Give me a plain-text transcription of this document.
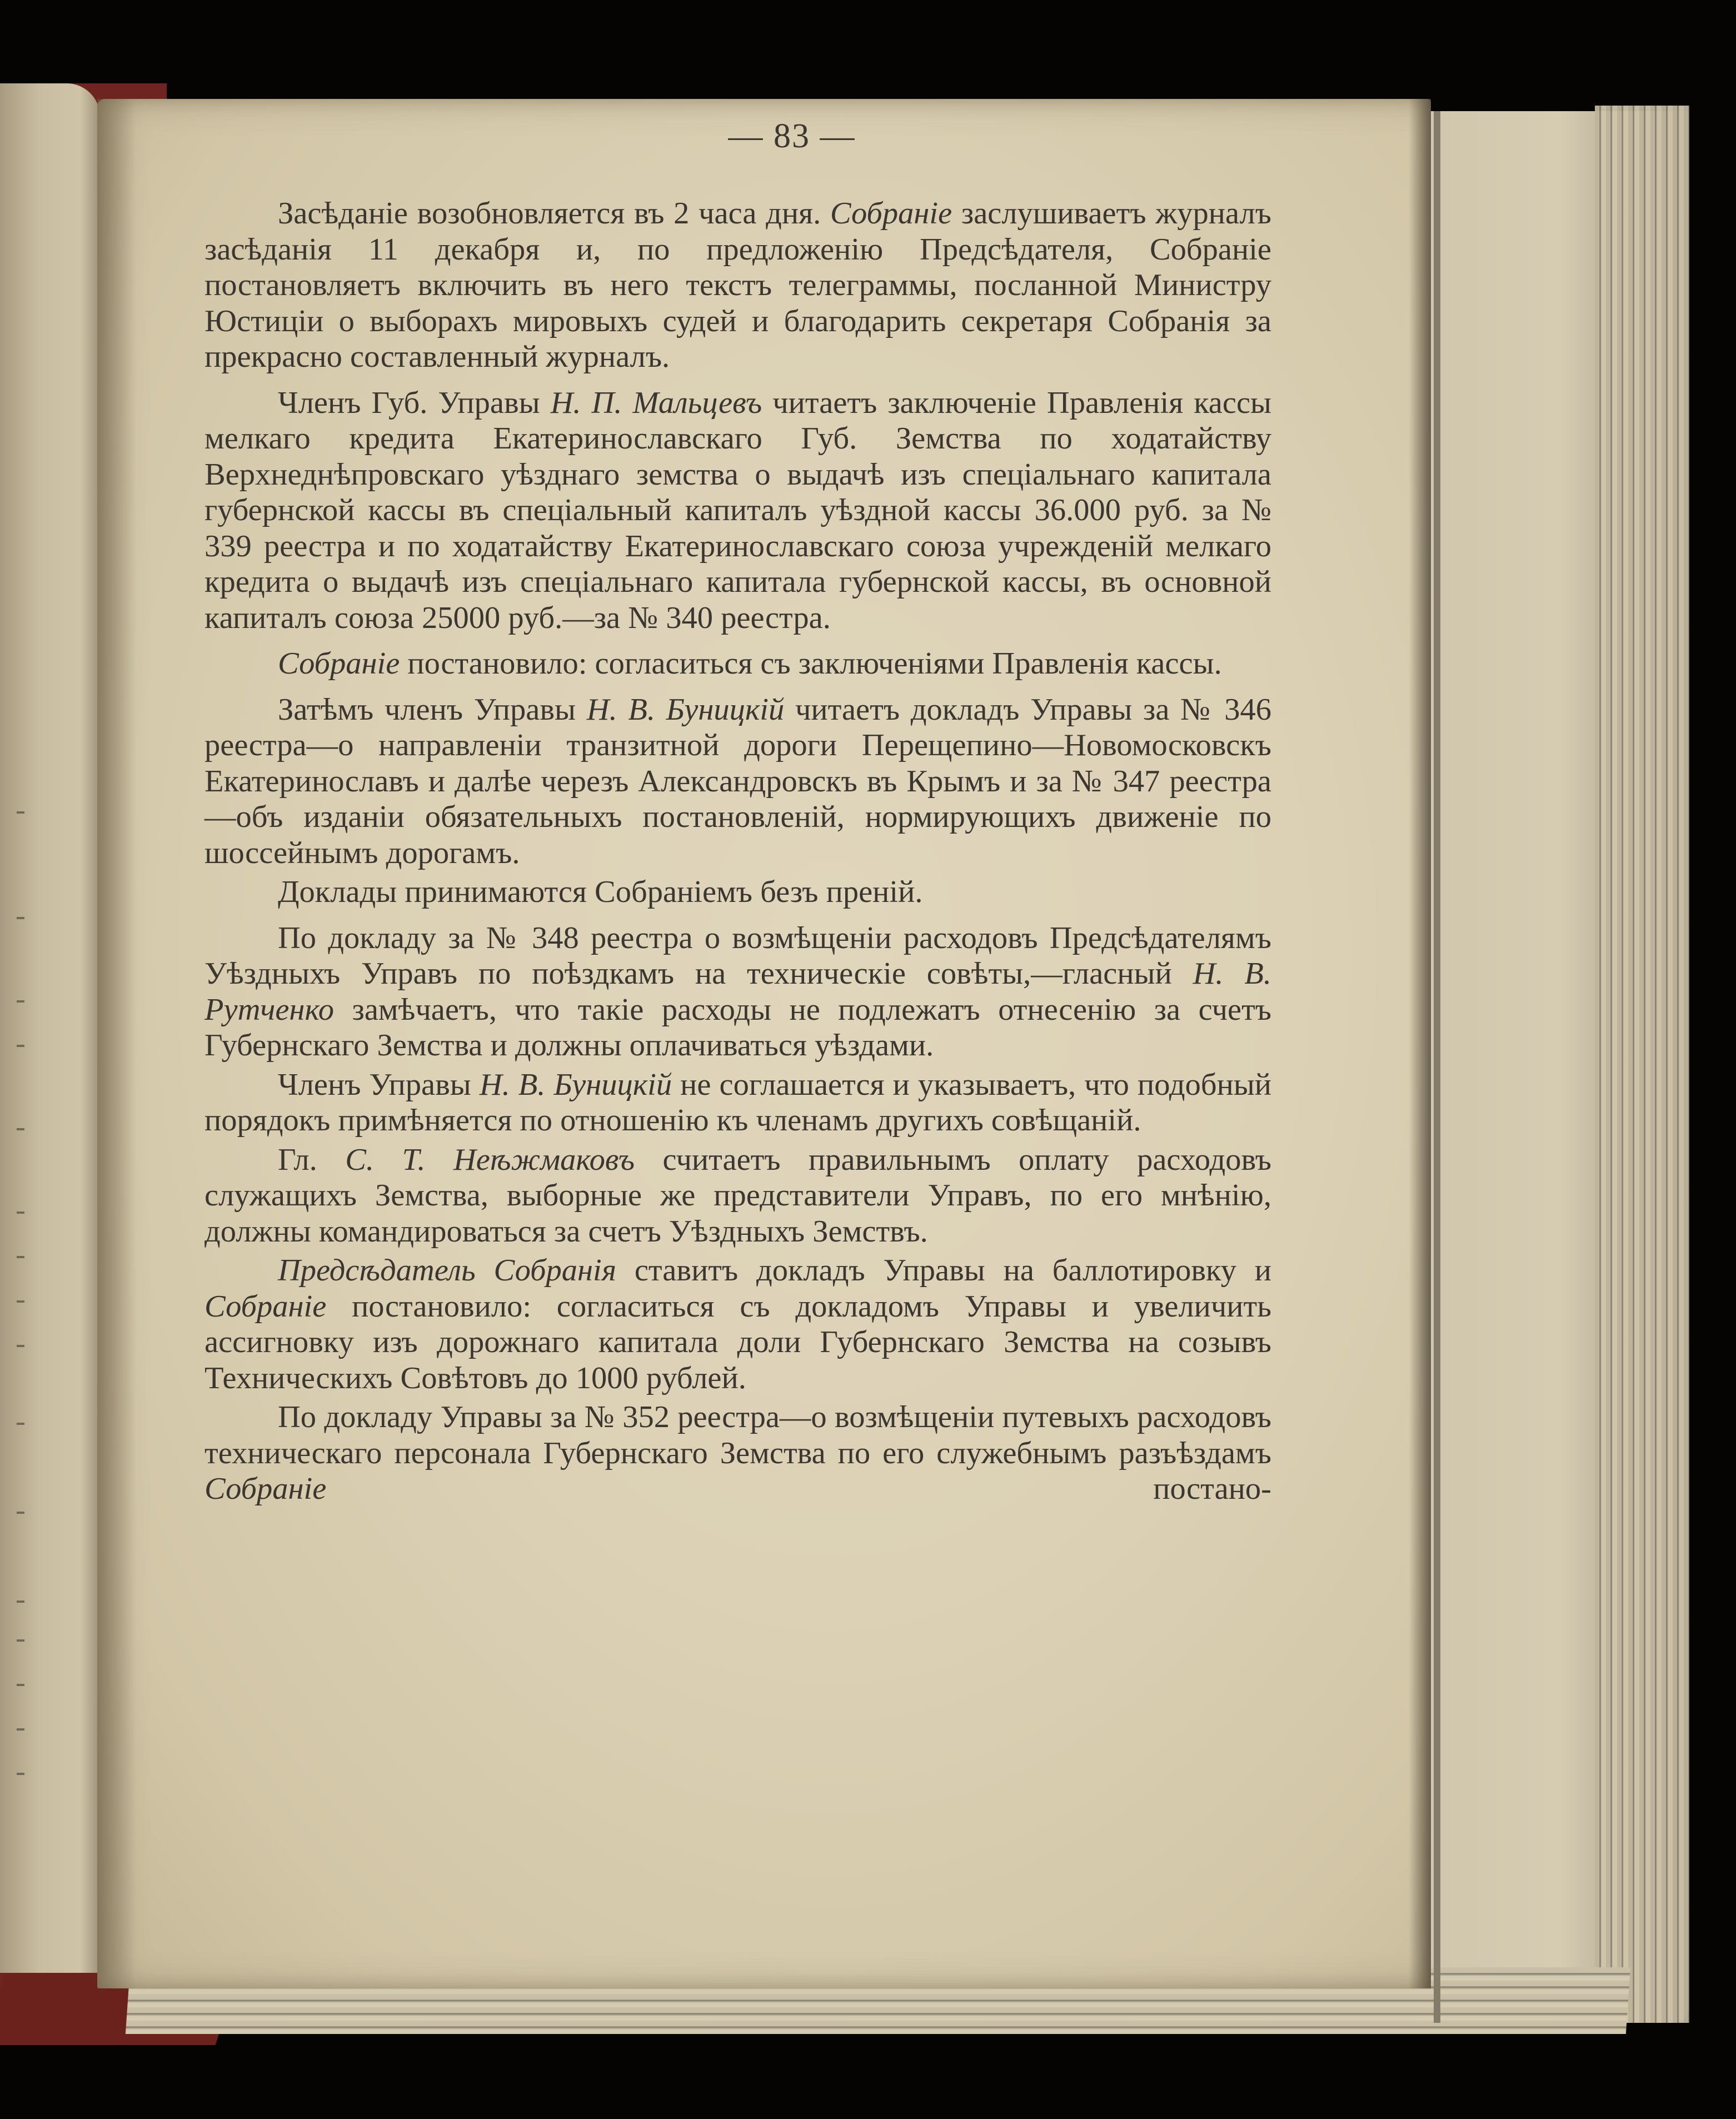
— 83 —

Засѣданіе возобновляется въ 2 часа дня. Собраніе заслушиваетъ журналъ засѣданія 11 декабря и, по предложенію Предсѣдателя, Собраніе постановляетъ включить въ него текстъ телеграммы, посланной Министру Юстиціи о выборахъ мировыхъ судей и благодарить секретаря Собранія за прекрасно составленный журналъ.

Членъ Губ. Управы Н. П. Мальцевъ читаетъ заключеніе Правленія кассы мелкаго кредита Екатеринославскаго Губ. Земства по ходатайству Верхнеднѣпровскаго уѣзднаго земства о выдачѣ изъ спеціальнаго капитала губернской кассы въ спеціальный капиталъ уѣздной кассы 36.000 руб. за № 339 реестра и по ходатайству Екатеринославскаго союза учрежденій мелкаго кредита о выдачѣ изъ спеціальнаго капитала губернской кассы, въ основной капиталъ союза 25000 руб.—за № 340 реестра.

Собраніе постановило: согласиться съ заключеніями Правленія кассы.

Затѣмъ членъ Управы Н. В. Буницкій читаетъ докладъ Управы за № 346 реестра—о направленіи транзитной дороги Перещепино—Новомосковскъ Екатеринославъ и далѣе черезъ Александровскъ въ Крымъ и за № 347 реестра—объ изданіи обязательныхъ постановленій, нормирующихъ движеніе по шоссейнымъ дорогамъ.

Доклады принимаются Собраніемъ безъ преній.

По докладу за № 348 реестра о возмѣщеніи расходовъ Предсѣдателямъ Уѣздныхъ Управъ по поѣздкамъ на техническіе совѣты,—гласный Н. В. Рутченко замѣчаетъ, что такіе расходы не подлежатъ отнесенію за счетъ Губернскаго Земства и должны оплачиваться уѣздами.

Членъ Управы Н. В. Буницкій не соглашается и указываетъ, что подобный порядокъ примѣняется по отношенію къ членамъ другихъ совѣщаній.

Гл. С. Т. Неѣжмаковъ считаетъ правильнымъ оплату расходовъ служащихъ Земства, выборные же представители Управъ, по его мнѣнію, должны командироваться за счетъ Уѣздныхъ Земствъ.

Предсѣдатель Собранія ставитъ докладъ Управы на баллотировку и Собраніе постановило: согласиться съ докладомъ Управы и увеличить ассигновку изъ дорожнаго капитала доли Губернскаго Земства на созывъ Техническихъ Совѣтовъ до 1000 рублей.

По докладу Управы за № 352 реестра—о возмѣщеніи путевыхъ расходовъ техническаго персонала Губернскаго Земства по его служебнымъ разъѣздамъ Собраніе постано-
